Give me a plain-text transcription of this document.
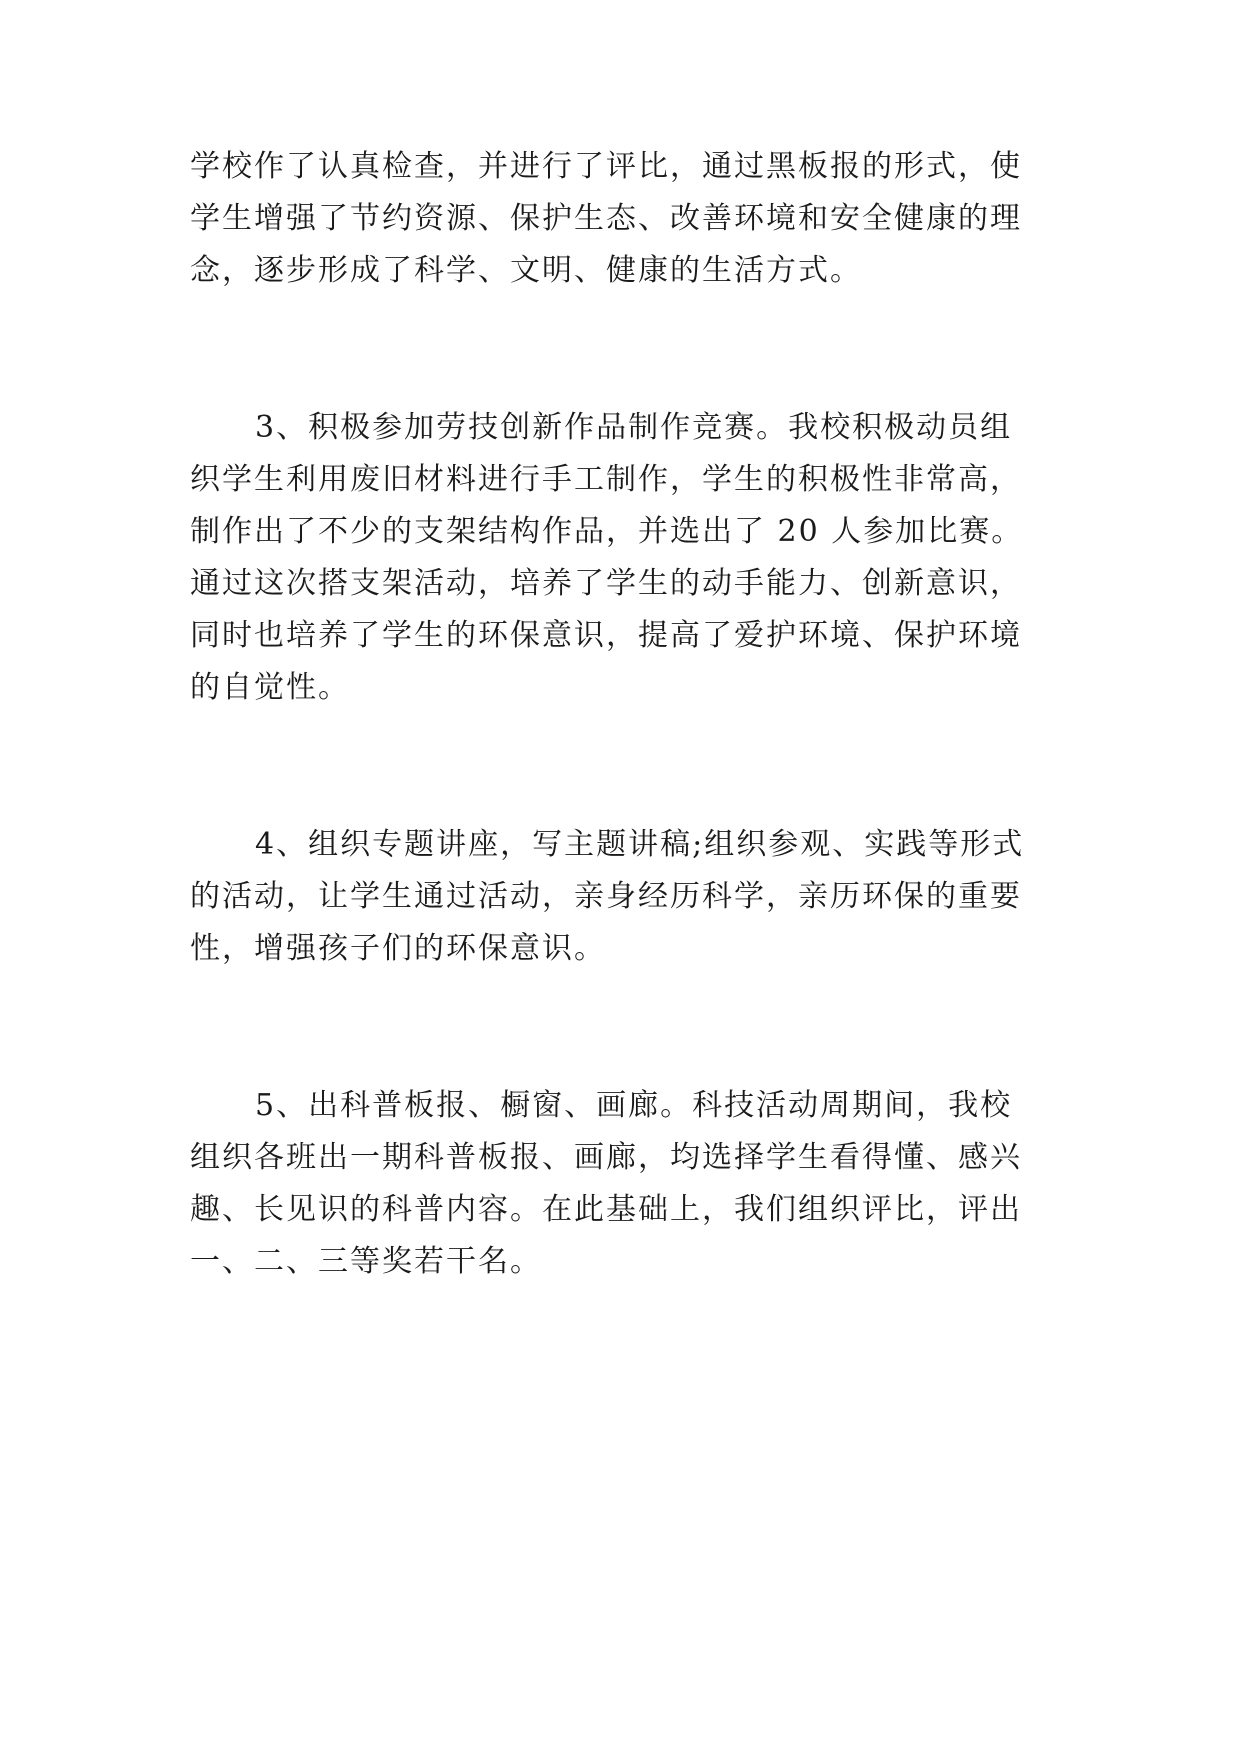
学校作了认真检查，并进行了评比，通过黑板报的形式，使
学生增强了节约资源、保护生态、改善环境和安全健康的理
念，逐步形成了科学、文明、健康的生活方式。
3、积极参加劳技创新作品制作竞赛。我校积极动员组
织学生利用废旧材料进行手工制作，学生的积极性非常高，
制作出了不少的支架结构作品，并选出了 20 人参加比赛。
通过这次搭支架活动，培养了学生的动手能力、创新意识，
同时也培养了学生的环保意识，提高了爱护环境、保护环境
的自觉性。
4、组织专题讲座，写主题讲稿;组织参观、实践等形式
的活动，让学生通过活动，亲身经历科学，亲历环保的重要
性，增强孩子们的环保意识。
5、出科普板报、橱窗、画廊。科技活动周期间，我校
组织各班出一期科普板报、画廊，均选择学生看得懂、感兴
趣、长见识的科普内容。在此基础上，我们组织评比，评出
一、二、三等奖若干名。
